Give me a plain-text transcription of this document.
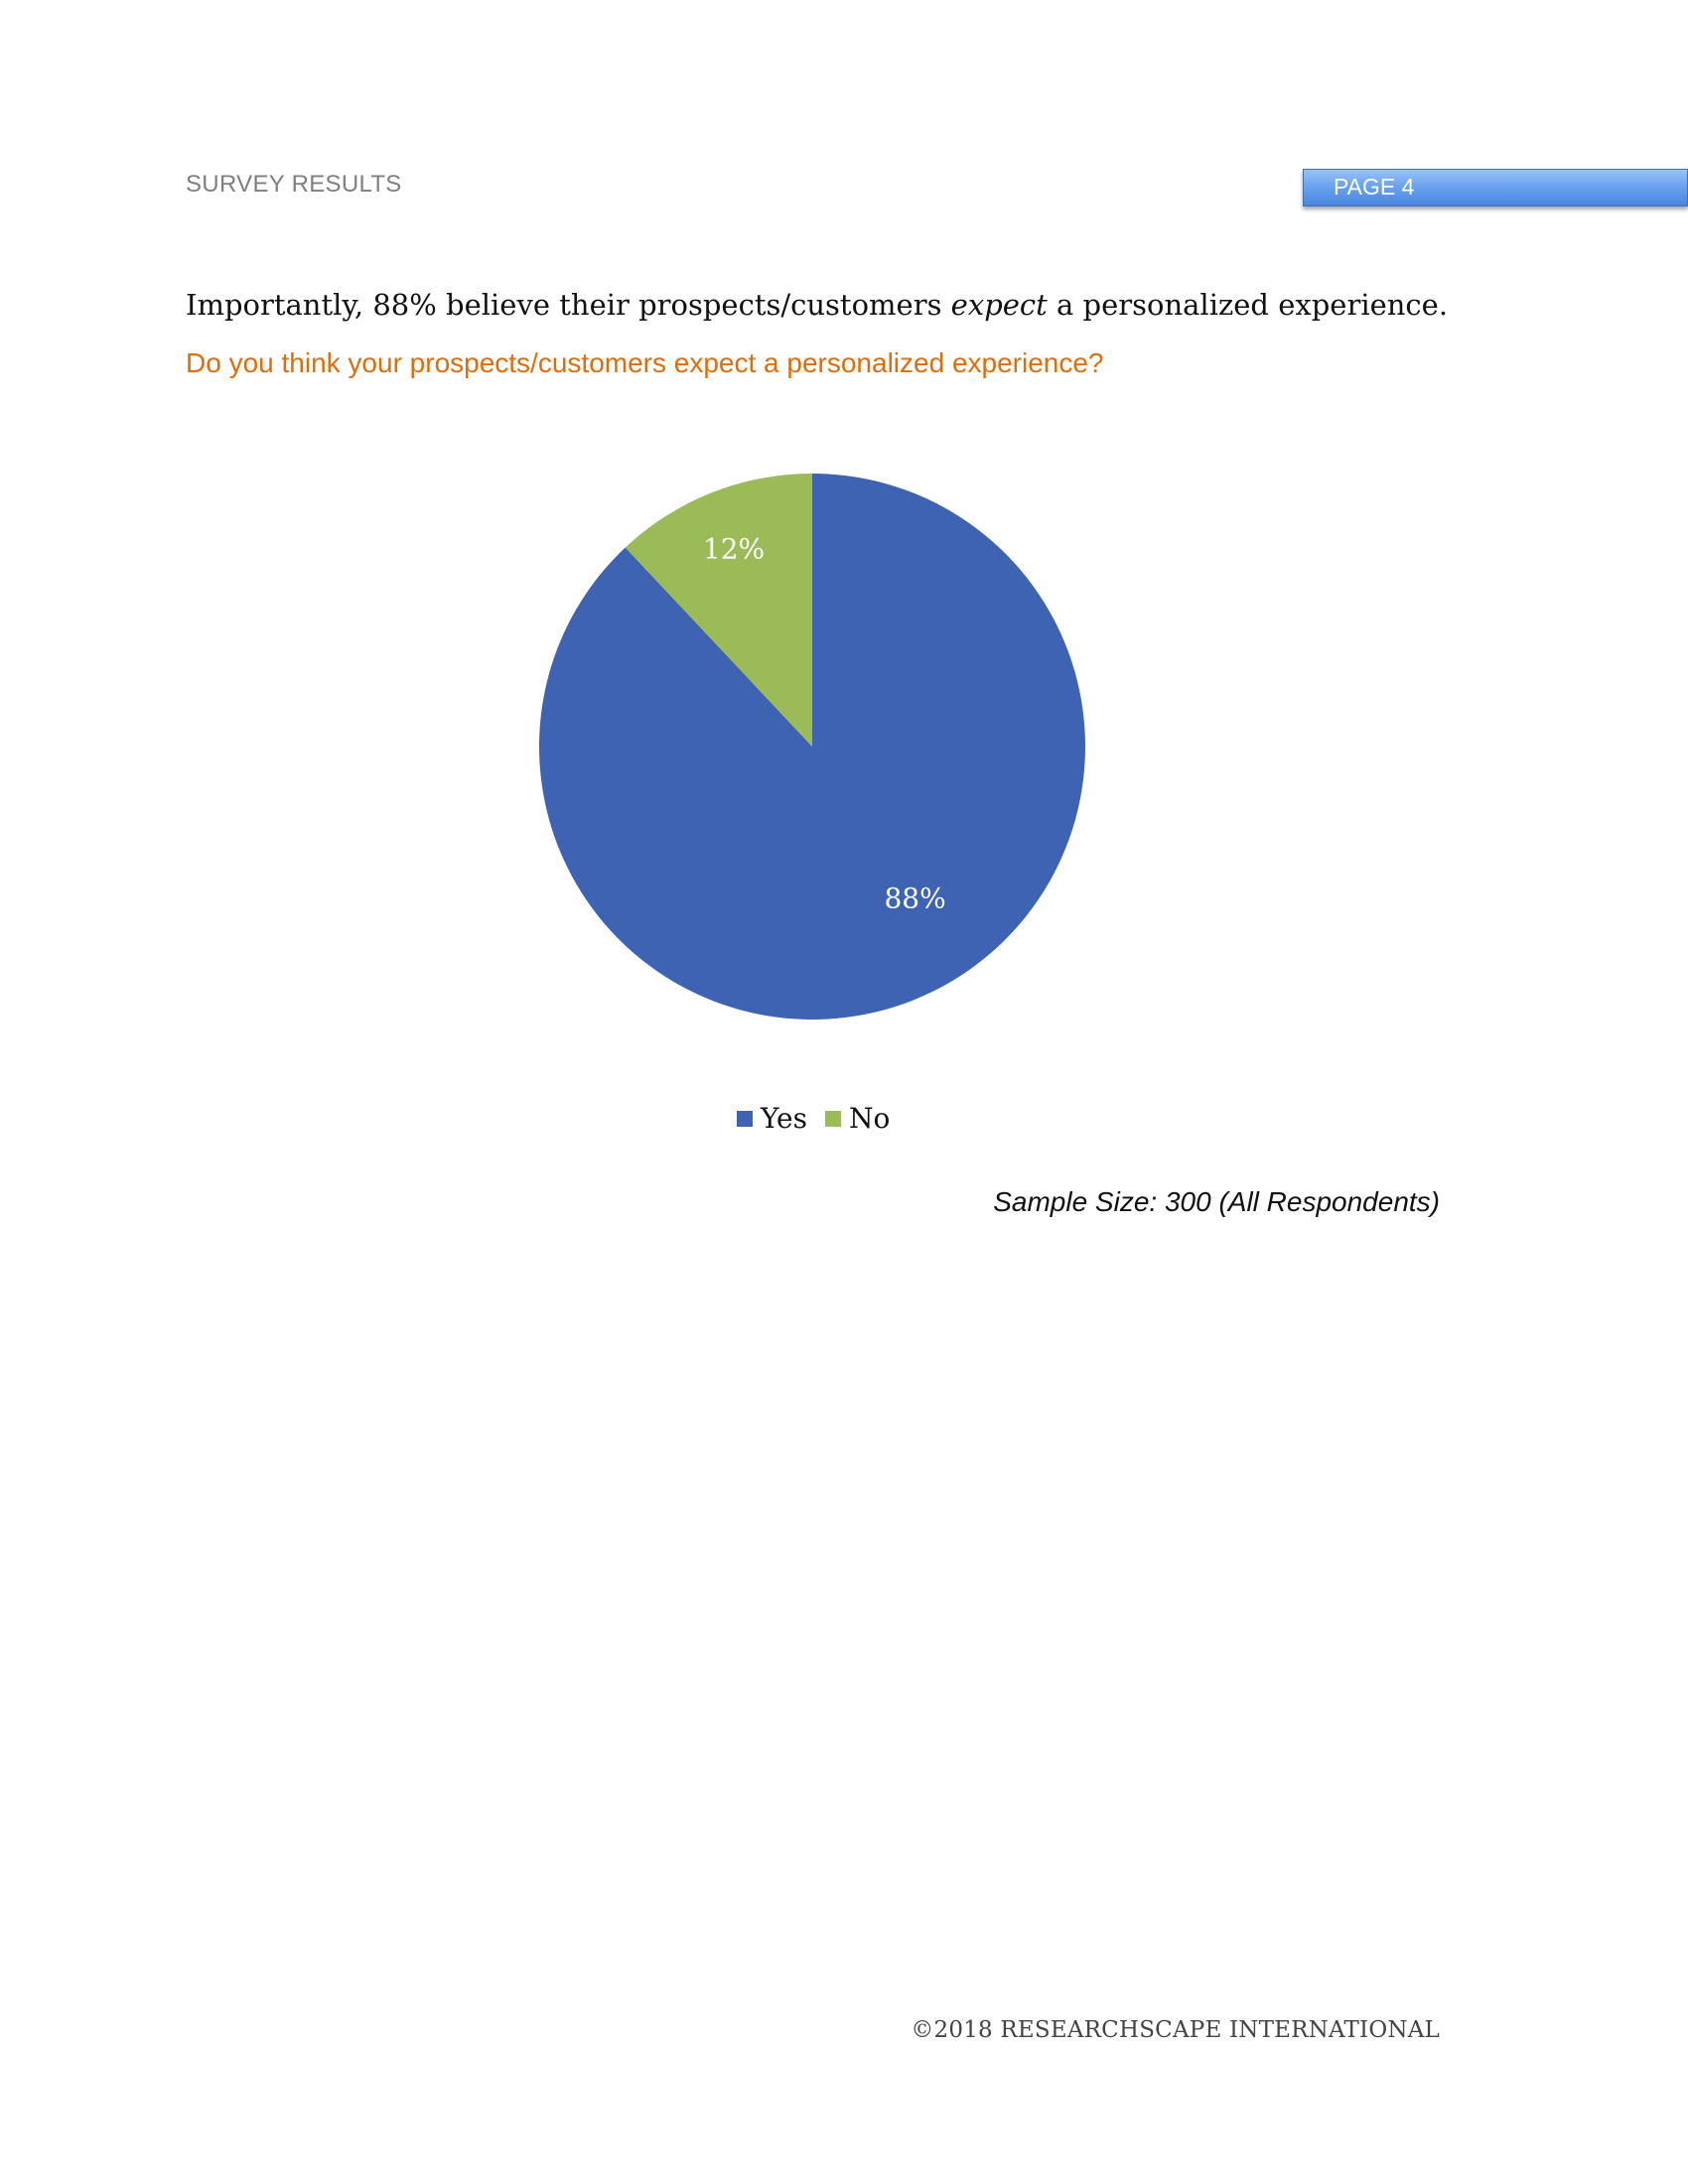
SURVEY RESULTS	PAGE 4
Importantly, 88% believe their prospects/customers expect a personalized experience.
Do you think your prospects/customers expect a personalized experience?
88%
12%
Yes No
Sample Size: 300 (All Respondents)
©2018 RESEARCHSCAPE INTERNATIONAL
